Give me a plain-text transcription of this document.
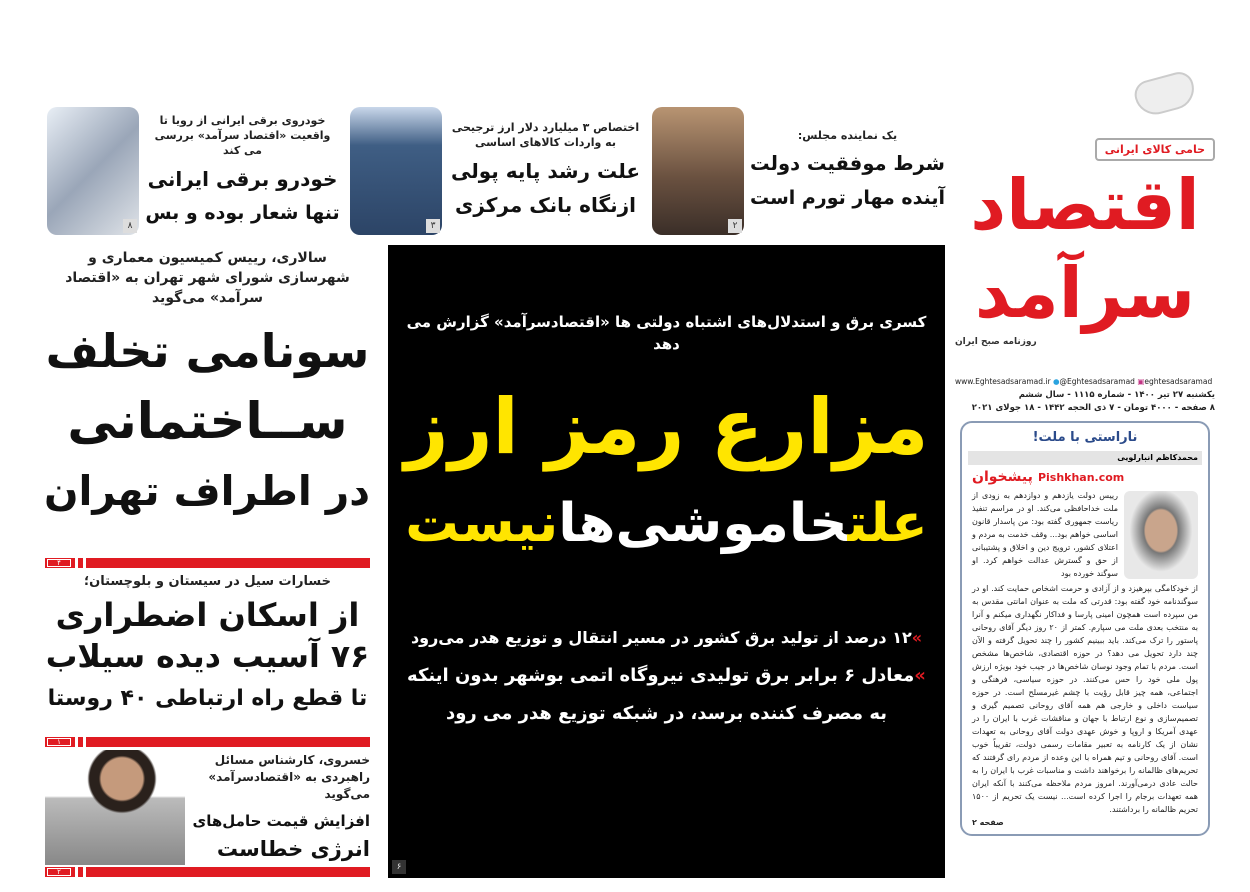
حامی کالای ایرانی
اقتصاد سرآمد
روزنامه صبح ایران
www.Eghtesadsaramad.ir ●@Eghtesadsaramad ▣eghtesadsaramad
یکشنبه ۲۷ تیر ۱۴۰۰ - شماره ۱۱۱۵ - سال ششم
۸ صفحه - ۴۰۰۰ تومان - ۷ ذی الحجه ۱۴۴۲ - ۱۸ جولای ۲۰۲۱
ناراستی با ملت!
محمدکاظم انبارلویی
پیشخوان Pishkhan.com
رییس دولت یازدهم و دوازدهم به زودی از ملت خداحافظی می‌کند. او در مراسم تنفیذ ریاست جمهوری گفته بود: من پاسدار قانون اساسی خواهم بود... وقف خدمت به مردم و اعتلای کشور، ترویج دین و اخلاق و پشتیبانی از حق و گسترش عدالت خواهم کرد. او سوگند خورده بود
از خودکامگی بپرهیزد و از آزادی و حرمت اشخاص حمایت کند. او در سوگندنامه خود گفته بود: قدرتی که ملت به عنوان امانتی مقدس به من سپرده است همچون امینی پارسا و فداکار نگهداری میکنم و آنرا به منتخب بعدی ملت می سپارم. کمتر از ۲۰ روز دیگر آقای روحانی پاستور را ترک می‌کند. باید ببینیم کشور را چند تحویل گرفته و الآن چند دارد تحویل می دهد؟ در حوزه اقتصادی، شاخص‌ها مشخص است. مردم با تمام وجود نوسان شاخص‌ها در جیب خود بویژه ارزش پول ملی خود را حس می‌کنند. در حوزه سیاسی، فرهنگی و اجتماعی، همه چیز قابل رؤیت با چشم غیرمسلح است. در حوزه سیاست داخلی و خارجی هم همه آقای روحانی تصمیم گیری و تصمیم‌سازی و نوع ارتباط با جهان و مناقشات غرب با ایران را در عهدی آمریکا و اروپا و خوش عهدی دولت آقای روحانی به تعهدات نشان از یک کارنامه به تعبیر مقامات رسمی دولت، تقریباً خوب است. آقای روحانی و تیم همراه با این وعده از مردم رای گرفتند که تحریم‌های ظالمانه را برخواهند داشت و مناسبات غرب با ایران را به حالت عادی درمی‌آورند. امروز مردم ملاحظه می‌کنند با آنکه ایران همه تعهدات برجام را اجرا کرده است... نیست یک تحریم از ۱۵۰۰ تحریم ظالمانه را برداشتند.
صفحه ۲
یک نماینده مجلس:
شرط موفقیت دولت
آینده مهار تورم است
۲
اختصاص ۳ میلیارد دلار ارز ترجیحی به واردات کالاهای اساسی
علت رشد پایه پولی
ازنگاه بانک مرکزی
۳
خودروی برقی ایرانی از رویا تا واقعیت «اقتصاد سرآمد» بررسی می کند
خودرو برقی ایرانی
تنها شعار بوده و بس
۸
کسری برق و استدلال‌های اشتباه دولتی ها «اقتصادسرآمد» گزارش می دهد
مزارع رمز ارز
علتخاموشی‌هانیست
»۱۲ درصد از تولید برق کشور در مسیر انتقال و توزیع هدر می‌رود
»معادل ۶ برابر برق تولیدی نیروگاه اتمی بوشهر بدون اینکه
به مصرف کننده برسد، در شبکه توزیع هدر می رود
۶
سالاری، رییس کمیسیون معماری و شهرسازی شورای شهر تهران به «اقتصاد سرآمد» می‌گوید
سونامی تخلف
ســاختمانی
در اطراف تهران
۴
خسارات سیل در سیستان و بلوچستان؛
از اسکان اضطراری
۷۶ آسیب دیده سیلاب
تا قطع راه ارتباطی ۴۰ روستا
۱
خسروی، کارشناس مسائل راهبردی به «اقتصادسرآمد» می‌گوید
افزایش قیمت حامل‌های
انرژی خطاست
۲
